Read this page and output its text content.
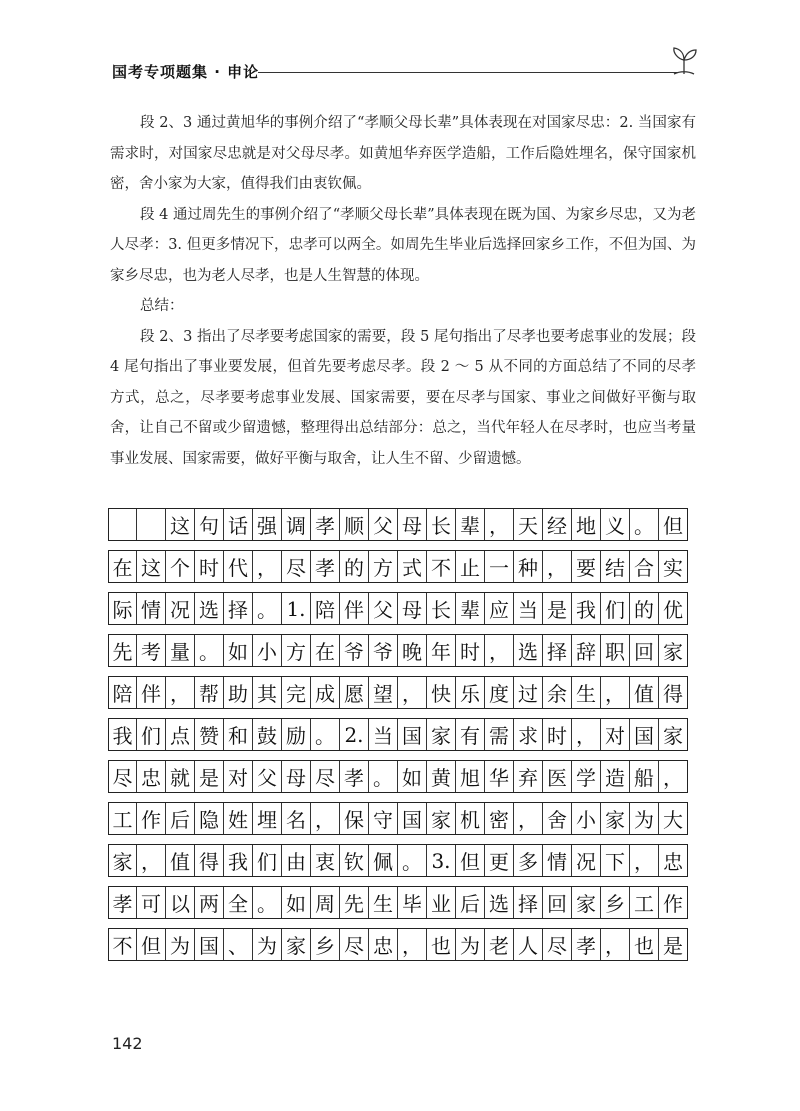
国考专项题集 · 申论

段 2、3 通过黄旭华的事例介绍了“孝顺父母长辈”具体表现在对国家尽忠：2. 当国家有需求时，对国家尽忠就是对父母尽孝。如黄旭华弃医学造船，工作后隐姓埋名，保守国家机密，舍小家为大家，值得我们由衷钦佩。

段 4 通过周先生的事例介绍了“孝顺父母长辈”具体表现在既为国、为家乡尽忠，又为老人尽孝：3. 但更多情况下，忠孝可以两全。如周先生毕业后选择回家乡工作，不但为国、为家乡尽忠，也为老人尽孝，也是人生智慧的体现。

总结：

段 2、3 指出了尽孝要考虑国家的需要，段 5 尾句指出了尽孝也要考虑事业的发展；段 4 尾句指出了事业要发展，但首先要考虑尽孝。段 2 ～ 5 从不同的方面总结了不同的尽孝方式，总之，尽孝要考虑事业发展、国家需要，要在尽孝与国家、事业之间做好平衡与取舍，让自己不留或少留遗憾，整理得出总结部分：总之，当代年轻人在尽孝时，也应当考量事业发展、国家需要，做好平衡与取舍，让人生不留、少留遗憾。

这 句 话 强 调 孝 顺 父 母 长 辈 ， 天 经 地 义 。 但
在 这 个 时 代 ， 尽 孝 的 方 式 不 止 一 种 ， 要 结 合 实
际 情 况 选 择 。 1. 陪 伴 父 母 长 辈 应 当 是 我 们 的 优
先 考 量 。 如 小 方 在 爷 爷 晚 年 时 ， 选 择 辞 职 回 家
陪 伴 ， 帮 助 其 完 成 愿 望 ， 快 乐 度 过 余 生 ， 值 得
我 们 点 赞 和 鼓 励 。 2. 当 国 家 有 需 求 时 ， 对 国 家
尽 忠 就 是 对 父 母 尽 孝 。 如 黄 旭 华 弃 医 学 造 船 ，
工 作 后 隐 姓 埋 名 ， 保 守 国 家 机 密 ， 舍 小 家 为 大
家 ， 值 得 我 们 由 衷 钦 佩 。 3. 但 更 多 情 况 下 ， 忠
孝 可 以 两 全 。 如 周 先 生 毕 业 后 选 择 回 家 乡 工 作
不 但 为 国 、 为 家 乡 尽 忠 ， 也 为 老 人 尽 孝 ， 也 是
142
